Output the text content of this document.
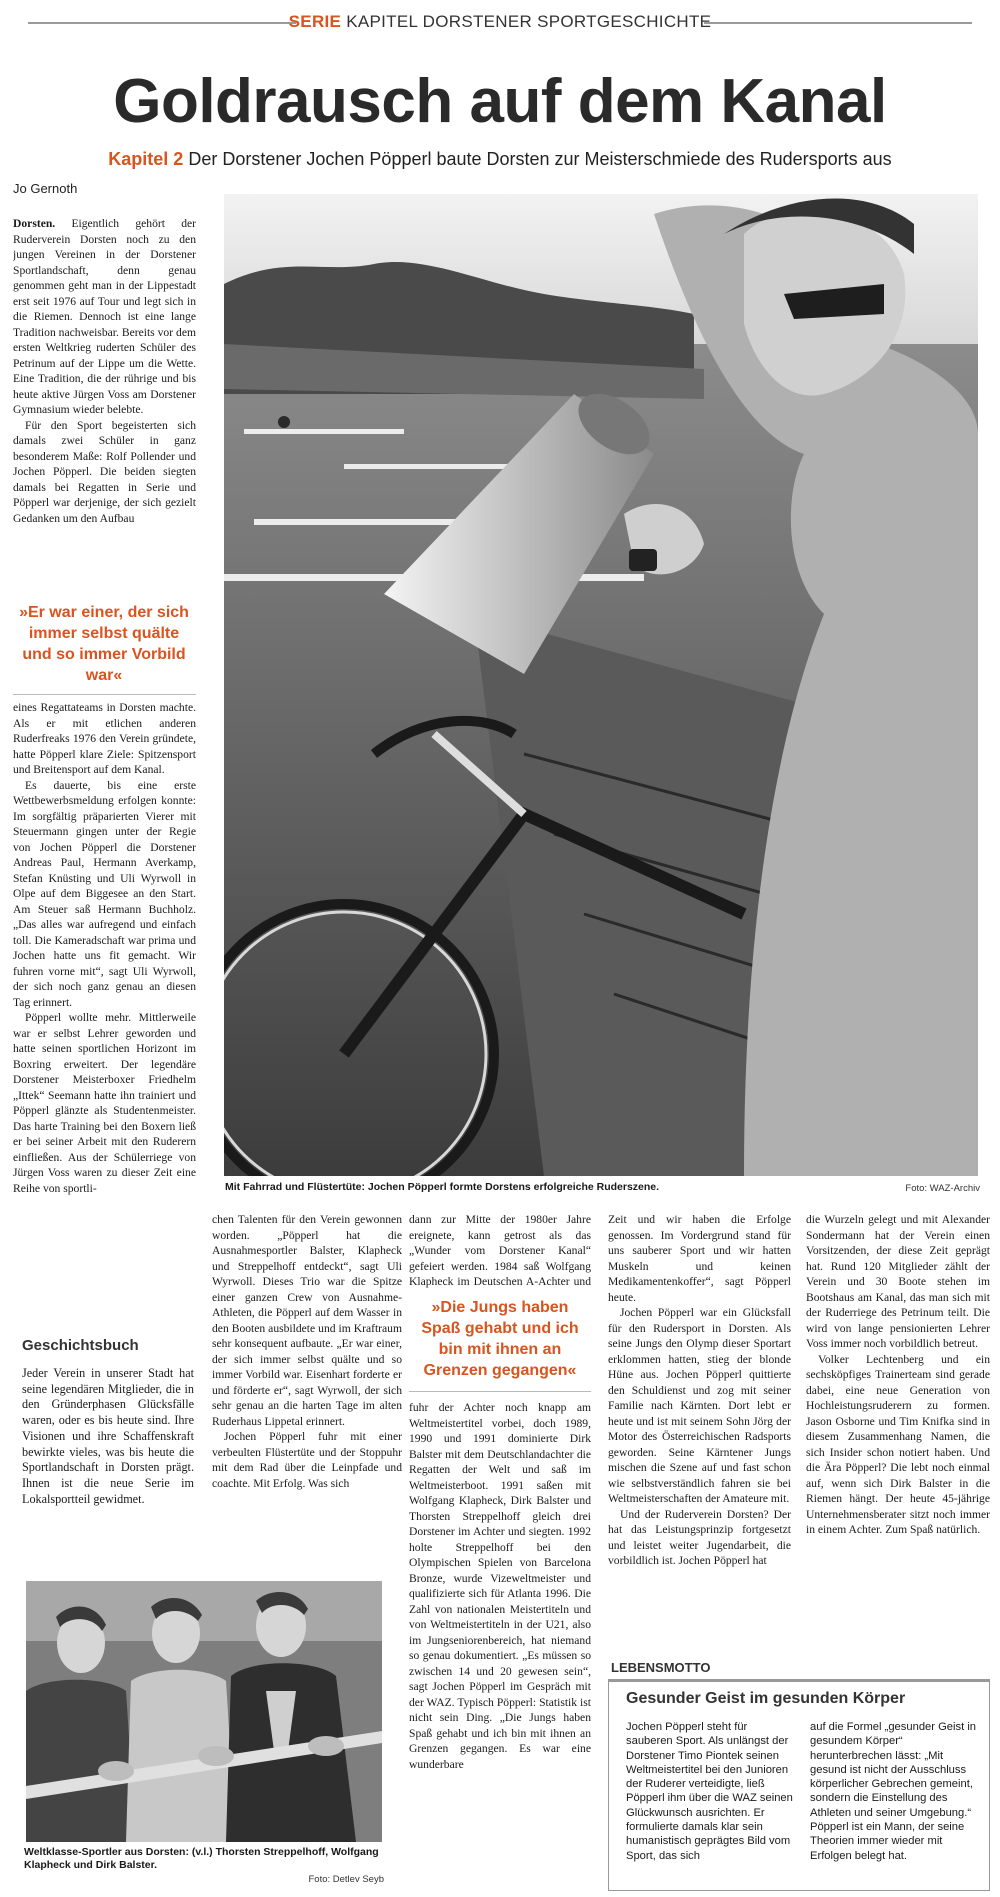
SERIE KAPITEL DORSTENER SPORTGESCHICHTE
Goldrausch auf dem Kanal
Kapitel 2 Der Dorstener Jochen Pöpperl baute Dorsten zur Meisterschmiede des Rudersports aus
Jo Gernoth

Dorsten. Eigentlich gehört der Ruderverein Dorsten noch zu den jungen Vereinen in der Dorstener Sportlandschaft, denn genau genommen geht man in der Lippestadt erst seit 1976 auf Tour und legt sich in die Riemen. Dennoch ist eine lange Tradition nachweisbar. Bereits vor dem ersten Weltkrieg ruderten Schüler des Petrinum auf der Lippe um die Wette. Eine Tradition, die der rührige und bis heute aktive Jürgen Voss am Dorstener Gymnasium wieder belebte.

Für den Sport begeisterten sich damals zwei Schüler in ganz besonderem Maße: Rolf Pollender und Jochen Pöpperl. Die beiden siegten damals bei Regatten in Serie und Pöpperl war derjenige, der sich gezielt Gedanken um den Aufbau

»Er war einer, der sich immer selbst quälte und so immer Vorbild war«

eines Regattateams in Dorsten machte. Als er mit etlichen anderen Ruderfreaks 1976 den Verein gründete, hatte Pöpperl klare Ziele: Spitzensport und Breitensport auf dem Kanal.

Es dauerte, bis eine erste Wettbewerbsmeldung erfolgen konnte: Im sorgfältig präparierten Vierer mit Steuermann gingen unter der Regie von Jochen Pöpperl die Dorstener Andreas Paul, Hermann Averkamp, Stefan Knüsting und Uli Wyrwoll in Olpe auf dem Biggesee an den Start. Am Steuer saß Hermann Buchholz. „Das alles war aufregend und einfach toll. Die Kameradschaft war prima und Jochen hatte uns fit gemacht. Wir fuhren vorne mit“, sagt Uli Wyrwoll, der sich noch ganz genau an diesen Tag erinnert.

Pöpperl wollte mehr. Mittlerweile war er selbst Lehrer geworden und hatte seinen sportlichen Horizont im Boxring erweitert. Der legendäre Dorstener Meisterboxer Friedhelm „Ittek“ Seemann hatte ihn trainiert und Pöpperl glänzte als Studentenmeister. Das harte Training bei den Boxern ließ er bei seiner Arbeit mit den Ruderern einfließen. Aus der Schülerriege von Jürgen Voss waren zu dieser Zeit eine Reihe von sportli-	Mit Fahrrad und Flüstertüte: Jochen Pöpperl formte Dorstens erfolgreiche Ruderszene.	Foto: WAZ-Archiv

chen Talenten für den Verein gewonnen worden. „Pöpperl hat die Ausnahmesportler Balster, Klapheck und Streppelhoff entdeckt“, sagt Uli Wyrwoll. Dieses Trio war die Spitze einer ganzen Crew von Ausnahme-Athleten, die Pöpperl auf dem Wasser in den Booten ausbildete und im Kraftraum sehr konsequent aufbaute. „Er war einer, der sich immer selbst quälte und so immer Vorbild war. Eisenhart forderte er und förderte er“, sagt Wyrwoll, der sich sehr genau an die harten Tage im alten Ruderhaus Lippetal erinnert.

Jochen Pöpperl fuhr mit einer verbeulten Flüstertüte und der Stoppuhr mit dem Rad über die Leinpfade und coachte. Mit Erfolg. Was sich

dann zur Mitte der 1980er Jahre ereignete, kann getrost als das „Wunder vom Dorstener Kanal“ gefeiert werden. 1984 saß Wolfgang Klapheck im Deutschen A-Achter und

»Die Jungs haben Spaß gehabt und ich bin mit ihnen an Grenzen gegangen«

fuhr der Achter noch knapp am Weltmeistertitel vorbei, doch 1989, 1990 und 1991 dominierte Dirk Balster mit dem Deutschlandachter die Regatten der Welt und saß im Weltmeisterboot. 1991 saßen mit Wolfgang Klapheck, Dirk Balster und Thorsten Streppelhoff gleich drei Dorstener im Achter und siegten. 1992 holte Streppelhoff bei den Olympischen Spielen von Barcelona Bronze, wurde Vizeweltmeister und qualifizierte sich für Atlanta 1996. Die Zahl von nationalen Meistertiteln und von Weltmeistertiteln in der U21, also im Jungseniorenbereich, hat niemand so genau dokumentiert. „Es müssen so zwischen 14 und 20 gewesen sein“, sagt Jochen Pöpperl im Gespräch mit der WAZ. Typisch Pöpperl: Statistik ist nicht sein Ding. „Die Jungs haben Spaß gehabt und ich bin mit ihnen an Grenzen gegangen. Es war eine wunderbare

Zeit und wir haben die Erfolge genossen. Im Vordergrund stand für uns sauberer Sport und wir hatten Muskeln und keinen Medikamentenkoffer“, sagt Pöpperl heute.

Jochen Pöpperl war ein Glücksfall für den Rudersport in Dorsten. Als seine Jungs den Olymp dieser Sportart erklommen hatten, stieg der blonde Hüne aus. Jochen Pöpperl quittierte den Schuldienst und zog mit seiner Familie nach Kärnten. Dort lebt er heute und ist mit seinem Sohn Jörg der Motor des Österreichischen Radsports geworden. Seine Kärntener Jungs mischen die Szene auf und fast schon wie selbstverständlich fahren sie bei Weltmeisterschaften der Amateure mit.

Und der Ruderverein Dorsten? Der hat das Leistungsprinzip fortgesetzt und leistet weiter Jugendarbeit, die vorbildlich ist. Jochen Pöpperl hat

die Wurzeln gelegt und mit Alexander Sondermann hat der Verein einen Vorsitzenden, der diese Zeit geprägt hat. Rund 120 Mitglieder zählt der Verein und 30 Boote stehen im Bootshaus am Kanal, das man sich mit der Ruderriege des Petrinum teilt. Die wird von lange pensionierten Lehrer Voss immer noch vorbildlich betreut.

Volker Lechtenberg und ein sechsköpfiges Trainerteam sind gerade dabei, eine neue Generation von Hochleistungsruderern zu formen. Jason Osborne und Tim Knifka sind in diesem Zusammenhang Namen, die sich Insider schon notiert haben. Und die Ära Pöpperl? Die lebt noch einmal auf, wenn sich Dirk Balster in die Riemen hängt. Der heute 45-jährige Unternehmensberater sitzt noch immer in einem Achter. Zum Spaß natürlich.

Geschichtsbuch
Jeder Verein in unserer Stadt hat seine legendären Mitglieder, die in den Gründerphasen Glücksfälle waren, oder es bis heute sind. Ihre Visionen und ihre Schaffenskraft bewirkte vieles, was bis heute die Sportlandschaft in Dorsten prägt. Ihnen ist die neue Serie im Lokalsportteil gewidmet.
Weltklasse-Sportler aus Dorsten: (v.l.) Thorsten Streppelhoff, Wolfgang Klapheck und Dirk Balster.
Foto: Detlev Seyb
LEBENSMOTTO
Gesunder Geist im gesunden Körper
Jochen Pöpperl steht für sauberen Sport. Als unlängst der Dorstener Timo Piontek seinen Weltmeistertitel bei den Junioren der Ruderer verteidigte, ließ Pöpperl ihm über die WAZ seinen Glückwunsch ausrichten. Er formulierte damals klar sein humanistisch geprägtes Bild vom Sport, das sich
auf die Formel „gesunder Geist in gesundem Körper“ herunterbrechen lässt: „Mit gesund ist nicht der Ausschluss körperlicher Gebrechen gemeint, sondern die Einstellung des Athleten und seiner Umgebung.“ Pöpperl ist ein Mann, der seine Theorien immer wieder mit Erfolgen belegt hat.
